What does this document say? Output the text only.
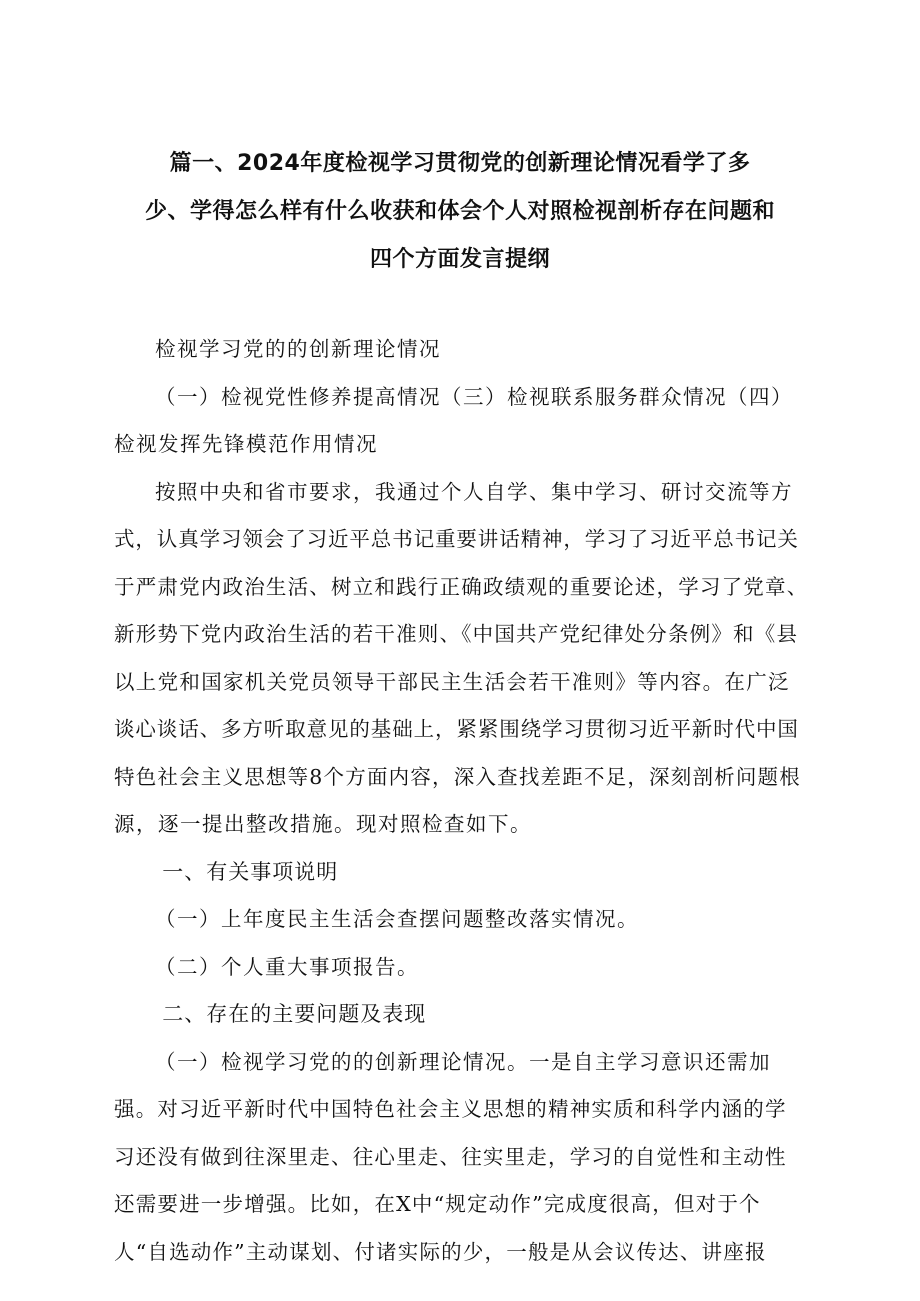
篇一、2024年度检视学习贯彻党的创新理论情况看学了多
少、学得怎么样有什么收获和体会个人对照检视剖析存在问题和
四个方面发言提纲

检视学习党的的创新理论情况

（一）检视党性修养提高情况（三）检视联系服务群众情况（四）
检视发挥先锋模范作用情况

按照中央和省市要求，我通过个人自学、集中学习、研讨交流等方
式，认真学习领会了习近平总书记重要讲话精神，学习了习近平总书记关
于严肃党内政治生活、树立和践行正确政绩观的重要论述，学习了党章、
新形势下党内政治生活的若干准则、《中国共产党纪律处分条例》和《县
以上党和国家机关党员领导干部民主生活会若干准则》等内容。在广泛
谈心谈话、多方听取意见的基础上，紧紧围绕学习贯彻习近平新时代中国
特色社会主义思想等8个方面内容，深入查找差距不足，深刻剖析问题根
源，逐一提出整改措施。现对照检查如下。

一、有关事项说明

（一）上年度民主生活会查摆问题整改落实情况。

（二）个人重大事项报告。

二、存在的主要问题及表现

（一）检视学习党的的创新理论情况。一是自主学习意识还需加
强。对习近平新时代中国特色社会主义思想的精神实质和科学内涵的学
习还没有做到往深里走、往心里走、往实里走，学习的自觉性和主动性
还需要进一步增强。比如，在X中“规定动作”完成度很高，但对于个
人“自选动作”主动谋划、付诸实际的少，一般是从会议传达、讲座报
